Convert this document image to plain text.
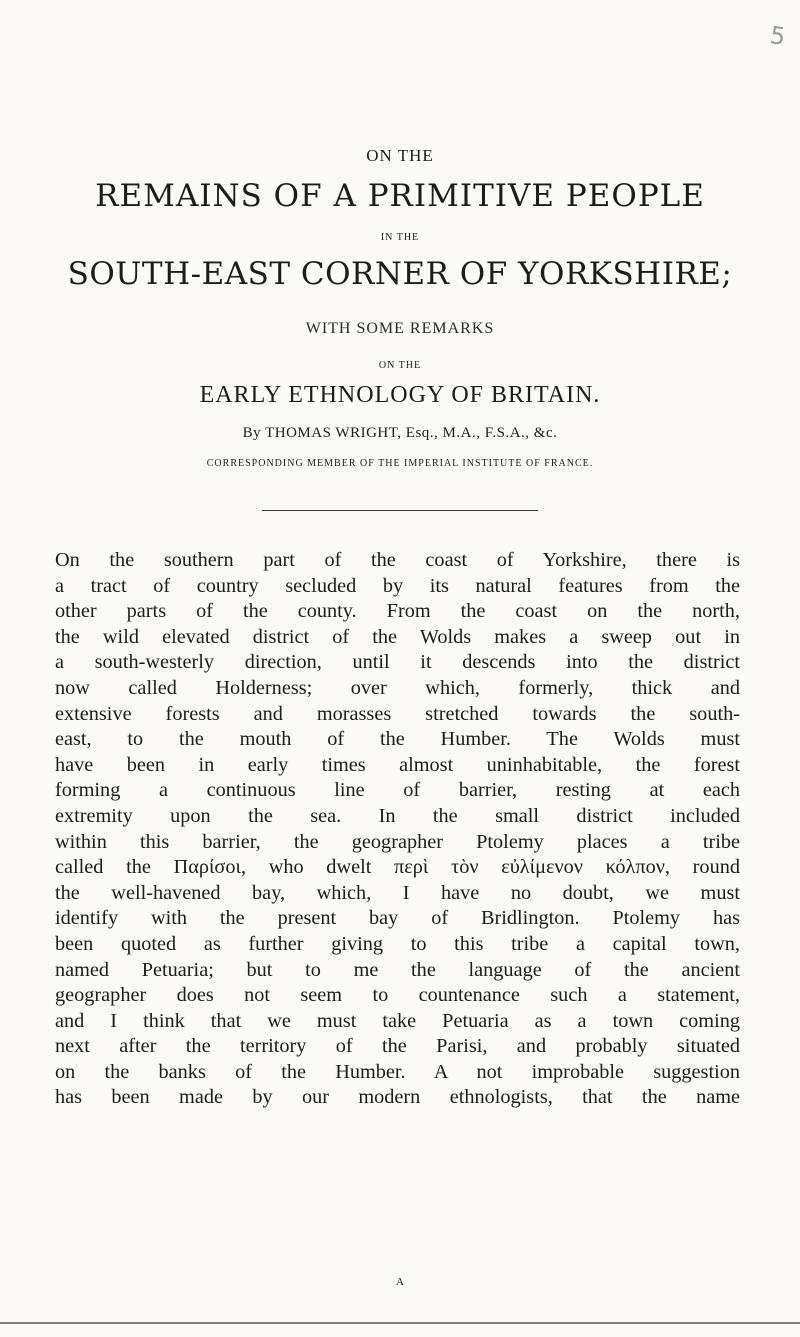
5
ON THE
REMAINS OF A PRIMITIVE PEOPLE
IN THE
SOUTH-EAST CORNER OF YORKSHIRE;
WITH SOME REMARKS
ON THE
EARLY ETHNOLOGY OF BRITAIN.
By THOMAS WRIGHT, Esq., M.A., F.S.A., &c.
CORRESPONDING MEMBER OF THE IMPERIAL INSTITUTE OF FRANCE.
On the southern part of the coast of Yorkshire, there is
a tract of country secluded by its natural features from the
other parts of the county. From the coast on the north,
the wild elevated district of the Wolds makes a sweep out in
a south-westerly direction, until it descends into the district
now called Holderness; over which, formerly, thick and
extensive forests and morasses stretched towards the south-
east, to the mouth of the Humber. The Wolds must
have been in early times almost uninhabitable, the forest
forming a continuous line of barrier, resting at each
extremity upon the sea. In the small district included
within this barrier, the geographer Ptolemy places a tribe
called the Παρίσοι, who dwelt περὶ τὸν εὐλίμενον κόλπον, round
the well-havened bay, which, I have no doubt, we must
identify with the present bay of Bridlington. Ptolemy has
been quoted as further giving to this tribe a capital town,
named Petuaria; but to me the language of the ancient
geographer does not seem to countenance such a statement,
and I think that we must take Petuaria as a town coming
next after the territory of the Parisi, and probably situated
on the banks of the Humber. A not improbable suggestion
has been made by our modern ethnologists, that the name
A
